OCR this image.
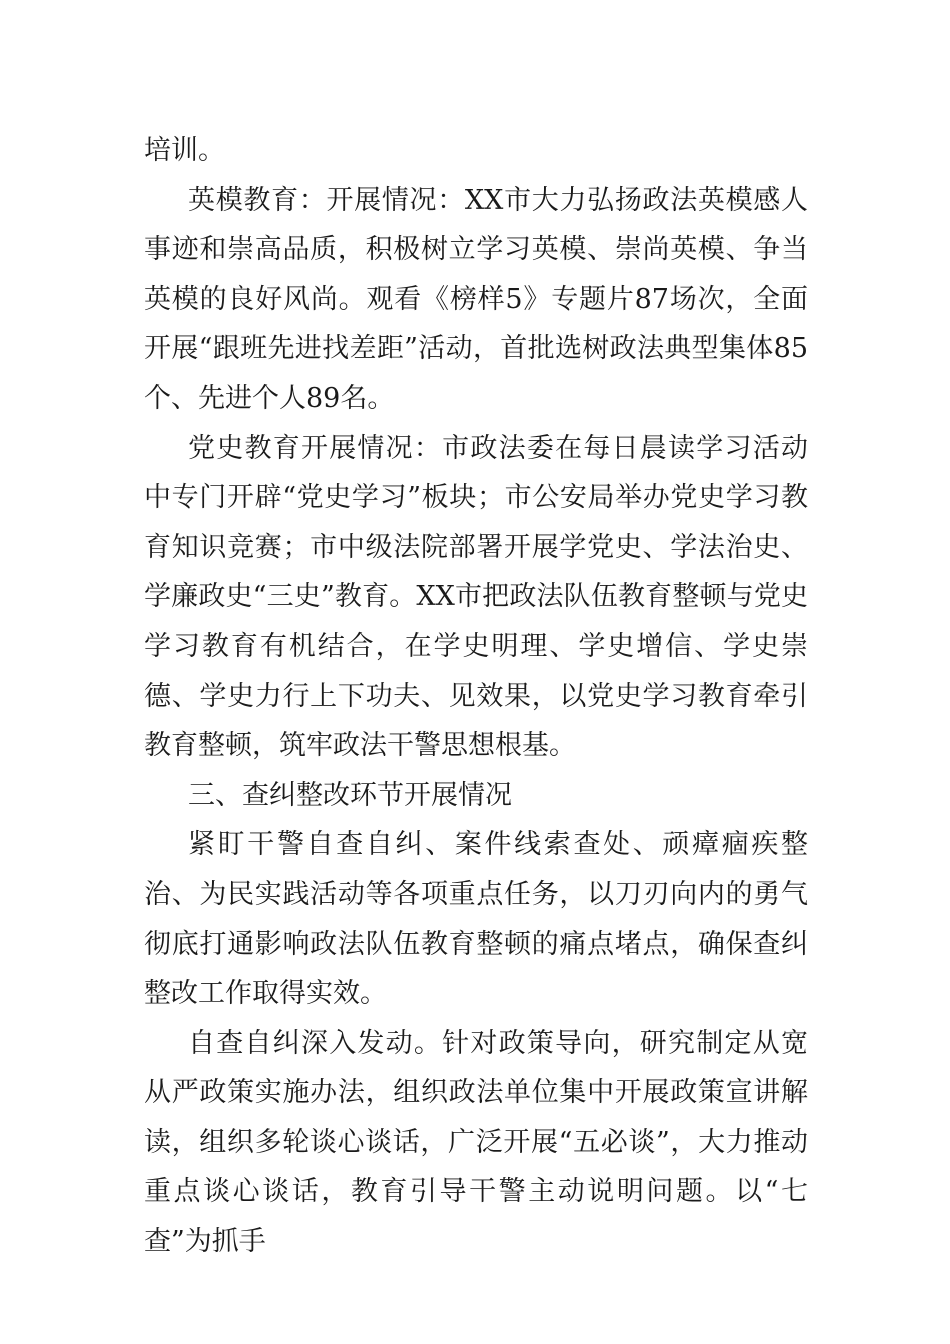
培训。

英模教育：开展情况：XX市大力弘扬政法英模感人事迹和崇高品质，积极树立学习英模、崇尚英模、争当英模的良好风尚。观看《榜样5》专题片87场次，全面开展“跟班先进找差距”活动，首批选树政法典型集体85个、先进个人89名。

党史教育开展情况：市政法委在每日晨读学习活动中专门开辟“党史学习”板块；市公安局举办党史学习教育知识竞赛；市中级法院部署开展学党史、学法治史、学廉政史“三史”教育。XX市把政法队伍教育整顿与党史学习教育有机结合，在学史明理、学史增信、学史崇德、学史力行上下功夫、见效果，以党史学习教育牵引教育整顿，筑牢政法干警思想根基。

三、查纠整改环节开展情况

紧盯干警自查自纠、案件线索查处、顽瘴痼疾整治、为民实践活动等各项重点任务，以刀刃向内的勇气彻底打通影响政法队伍教育整顿的痛点堵点，确保查纠整改工作取得实效。

自查自纠深入发动。针对政策导向，研究制定从宽从严政策实施办法，组织政法单位集中开展政策宣讲解读，组织多轮谈心谈话，广泛开展“五必谈”，大力推动重点谈心谈话，教育引导干警主动说明问题。以“七查”为抓手
